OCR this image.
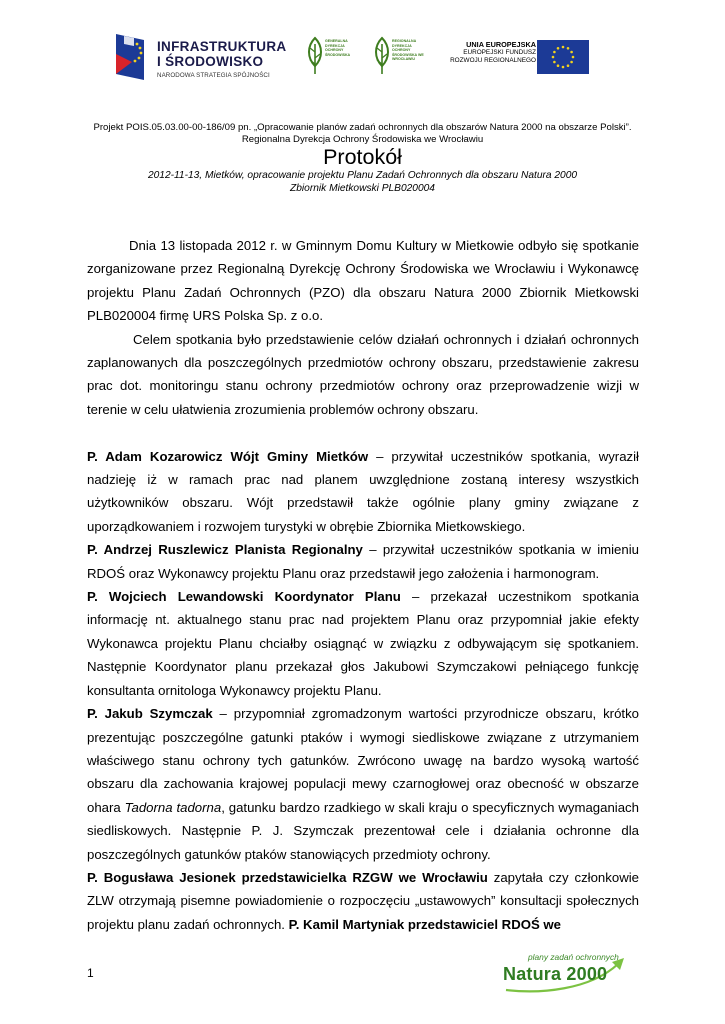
INFRASTRUKTURA
I ŚRODOWISKO
NARODOWA STRATEGIA SPÓJNOŚCI
GENERALNA DYREKCJA OCHRONY ŚRODOWISKA
REGIONALNA DYREKCJA OCHRONY ŚRODOWISKA WE WROCŁAWIU
UNIA EUROPEJSKA
EUROPEJSKI FUNDUSZ
ROZWOJU REGIONALNEGO
Projekt POIS.05.03.00-00-186/09 pn. „Opracowanie planów zadań ochronnych dla obszarów Natura 2000 na obszarze Polski”.
Regionalna Dyrekcja Ochrony Środowiska we Wrocławiu
Protokół
2012-11-13, Mietków, opracowanie projektu Planu Zadań Ochronnych dla obszaru Natura 2000
Zbiornik Mietkowski PLB020004

Dnia 13 listopada 2012 r. w Gminnym Domu Kultury w Mietkowie odbyło się spotkanie zorganizowane przez Regionalną Dyrekcję Ochrony Środowiska we Wrocławiu i Wykonawcę projektu Planu Zadań Ochronnych (PZO) dla obszaru Natura 2000 Zbiornik Mietkowski PLB020004 firmę URS Polska Sp. z o.o.

Celem spotkania było przedstawienie celów działań ochronnych i działań ochronnych zaplanowanych dla poszczególnych przedmiotów ochrony obszaru, przedstawienie zakresu prac dot. monitoringu stanu ochrony przedmiotów ochrony oraz przeprowadzenie wizji w terenie w celu ułatwienia zrozumienia problemów ochrony obszaru.

P. Adam Kozarowicz Wójt Gminy Mietków – przywitał uczestników spotkania, wyraził nadzieję iż w ramach prac nad planem uwzględnione zostaną interesy wszystkich użytkowników obszaru. Wójt przedstawił także ogólnie plany gminy związane z uporządkowaniem i rozwojem turystyki w obrębie Zbiornika Mietkowskiego.

P. Andrzej Ruszlewicz Planista Regionalny – przywitał uczestników spotkania w imieniu RDOŚ oraz Wykonawcy projektu Planu oraz przedstawił jego założenia i harmonogram.

P. Wojciech Lewandowski Koordynator Planu – przekazał uczestnikom spotkania informację nt. aktualnego stanu prac nad projektem Planu oraz przypomniał jakie efekty Wykonawca projektu Planu chciałby osiągnąć w związku z odbywającym się spotkaniem. Następnie Koordynator planu przekazał głos Jakubowi Szymczakowi pełniącego funkcję konsultanta ornitologa Wykonawcy projektu Planu.

P. Jakub Szymczak – przypomniał zgromadzonym wartości przyrodnicze obszaru, krótko prezentując poszczególne gatunki ptaków i wymogi siedliskowe związane z utrzymaniem właściwego stanu ochrony tych gatunków. Zwrócono uwagę na bardzo wysoką wartość obszaru dla zachowania krajowej populacji mewy czarnogłowej oraz obecność w obszarze ohara Tadorna tadorna, gatunku bardzo rzadkiego w skali kraju o specyficznych wymaganiach siedliskowych. Następnie P. J. Szymczak prezentował cele i działania ochronne dla poszczególnych gatunków ptaków stanowiących przedmioty ochrony.

P. Bogusława Jesionek przedstawicielka RZGW we Wrocławiu zapytała czy członkowie ZLW otrzymają pisemne powiadomienie o rozpoczęciu „ustawowych” konsultacji społecznych projektu planu zadań ochronnych. P. Kamil Martyniak przedstawiciel RDOŚ we

1
plany zadań ochronnych
Natura 2000
